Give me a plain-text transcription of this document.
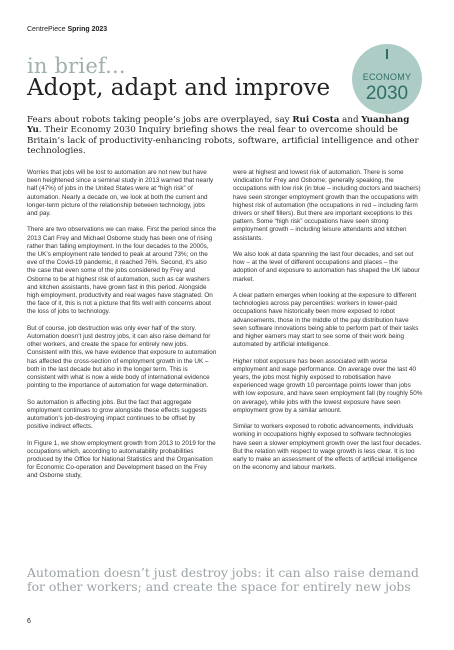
CentrePiece Spring 2023
in brief...
Adopt, adapt and improve	ECONOMY
2030
Fears about robots taking people’s jobs are overplayed, say Rui Costa and Yuanhang Yu. Their Economy 2030 Inquiry briefing shows the real fear to overcome should be Britain’s lack of productivity-enhancing robots, software, artificial intelligence and other technologies.

Worries that jobs will be lost to automation are not new but have been heightened since a seminal study in 2013 warned that nearly half (47%) of jobs in the United States were at “high risk” of automation. Nearly a decade on, we look at both the current and longer-term picture of the relationship between technology, jobs and pay.

There are two observations we can make. First the period since the 2013 Carl Frey and Michael Osborne study has been one of rising rather than falling employment. In the four decades to the 2000s, the UK’s employment rate tended to peak at around 73%; on the eve of the Covid-19 pandemic, it reached 76%. Second, it’s also the case that even some of the jobs considered by Frey and Osborne to be at highest risk of automation, such as car washers and kitchen assistants, have grown fast in this period. Alongside high employment, productivity and real wages have stagnated. On the face of it, this is not a picture that fits well with concerns about the loss of jobs to technology.

But of course, job destruction was only ever half of the story. Automation doesn’t just destroy jobs, it can also raise demand for other workers, and create the space for entirely new jobs. Consistent with this, we have evidence that exposure to automation has affected the cross-section of employment growth in the UK – both in the last decade but also in the longer term. This is consistent with what is now a wide body of international evidence pointing to the importance of automation for wage determination.

So automation is affecting jobs. But the fact that aggregate employment continues to grow alongside these effects suggests automation’s job-destroying impact continues to be offset by positive indirect effects.

In Figure 1, we show employment growth from 2013 to 2019 for the occupations which, according to automatability probabilities produced by the Office for National Statistics and the Organisation for Economic Co-operation and Development based on the Frey and Osborne study,

were at highest and lowest risk of automation. There is some vindication for Frey and Osborne; generally speaking, the occupations with low risk (in blue – including doctors and teachers) have seen stronger employment growth than the occupations with highest risk of automation (the occupations in red – including farm drivers or shelf fillers). But there are important exceptions to this pattern. Some “high risk” occupations have seen strong employment growth – including leisure attendants and kitchen assistants.

We also look at data spanning the last four decades, and set out how – at the level of different occupations and places – the adoption of and exposure to automation has shaped the UK labour market.

A clear pattern emerges when looking at the exposure to different technologies across pay percentiles: workers in lower-paid occupations have historically been more exposed to robot advancements, those in the middle of the pay distribution have seen software innovations being able to perform part of their tasks and higher earners may start to see some of their work being automated by artificial intelligence.

Higher robot exposure has been associated with worse employment and wage performance. On average over the last 40 years, the jobs most highly exposed to robotisation have experienced wage growth 10 percentage points lower than jobs with low exposure, and have seen employment fall (by roughly 50% on average), while jobs with the lowest exposure have seen employment grow by a similar amount.

Similar to workers exposed to robotic advancements, individuals working in occupations highly exposed to software technologies have seen a slower employment growth over the last four decades. But the relation with respect to wage growth is less clear. It is too early to make an assessment of the effects of artificial intelligence on the economy and labour markets.

Automation doesn’t just destroy jobs: it can also raise demand for other workers; and create the space for entirely new jobs
6
